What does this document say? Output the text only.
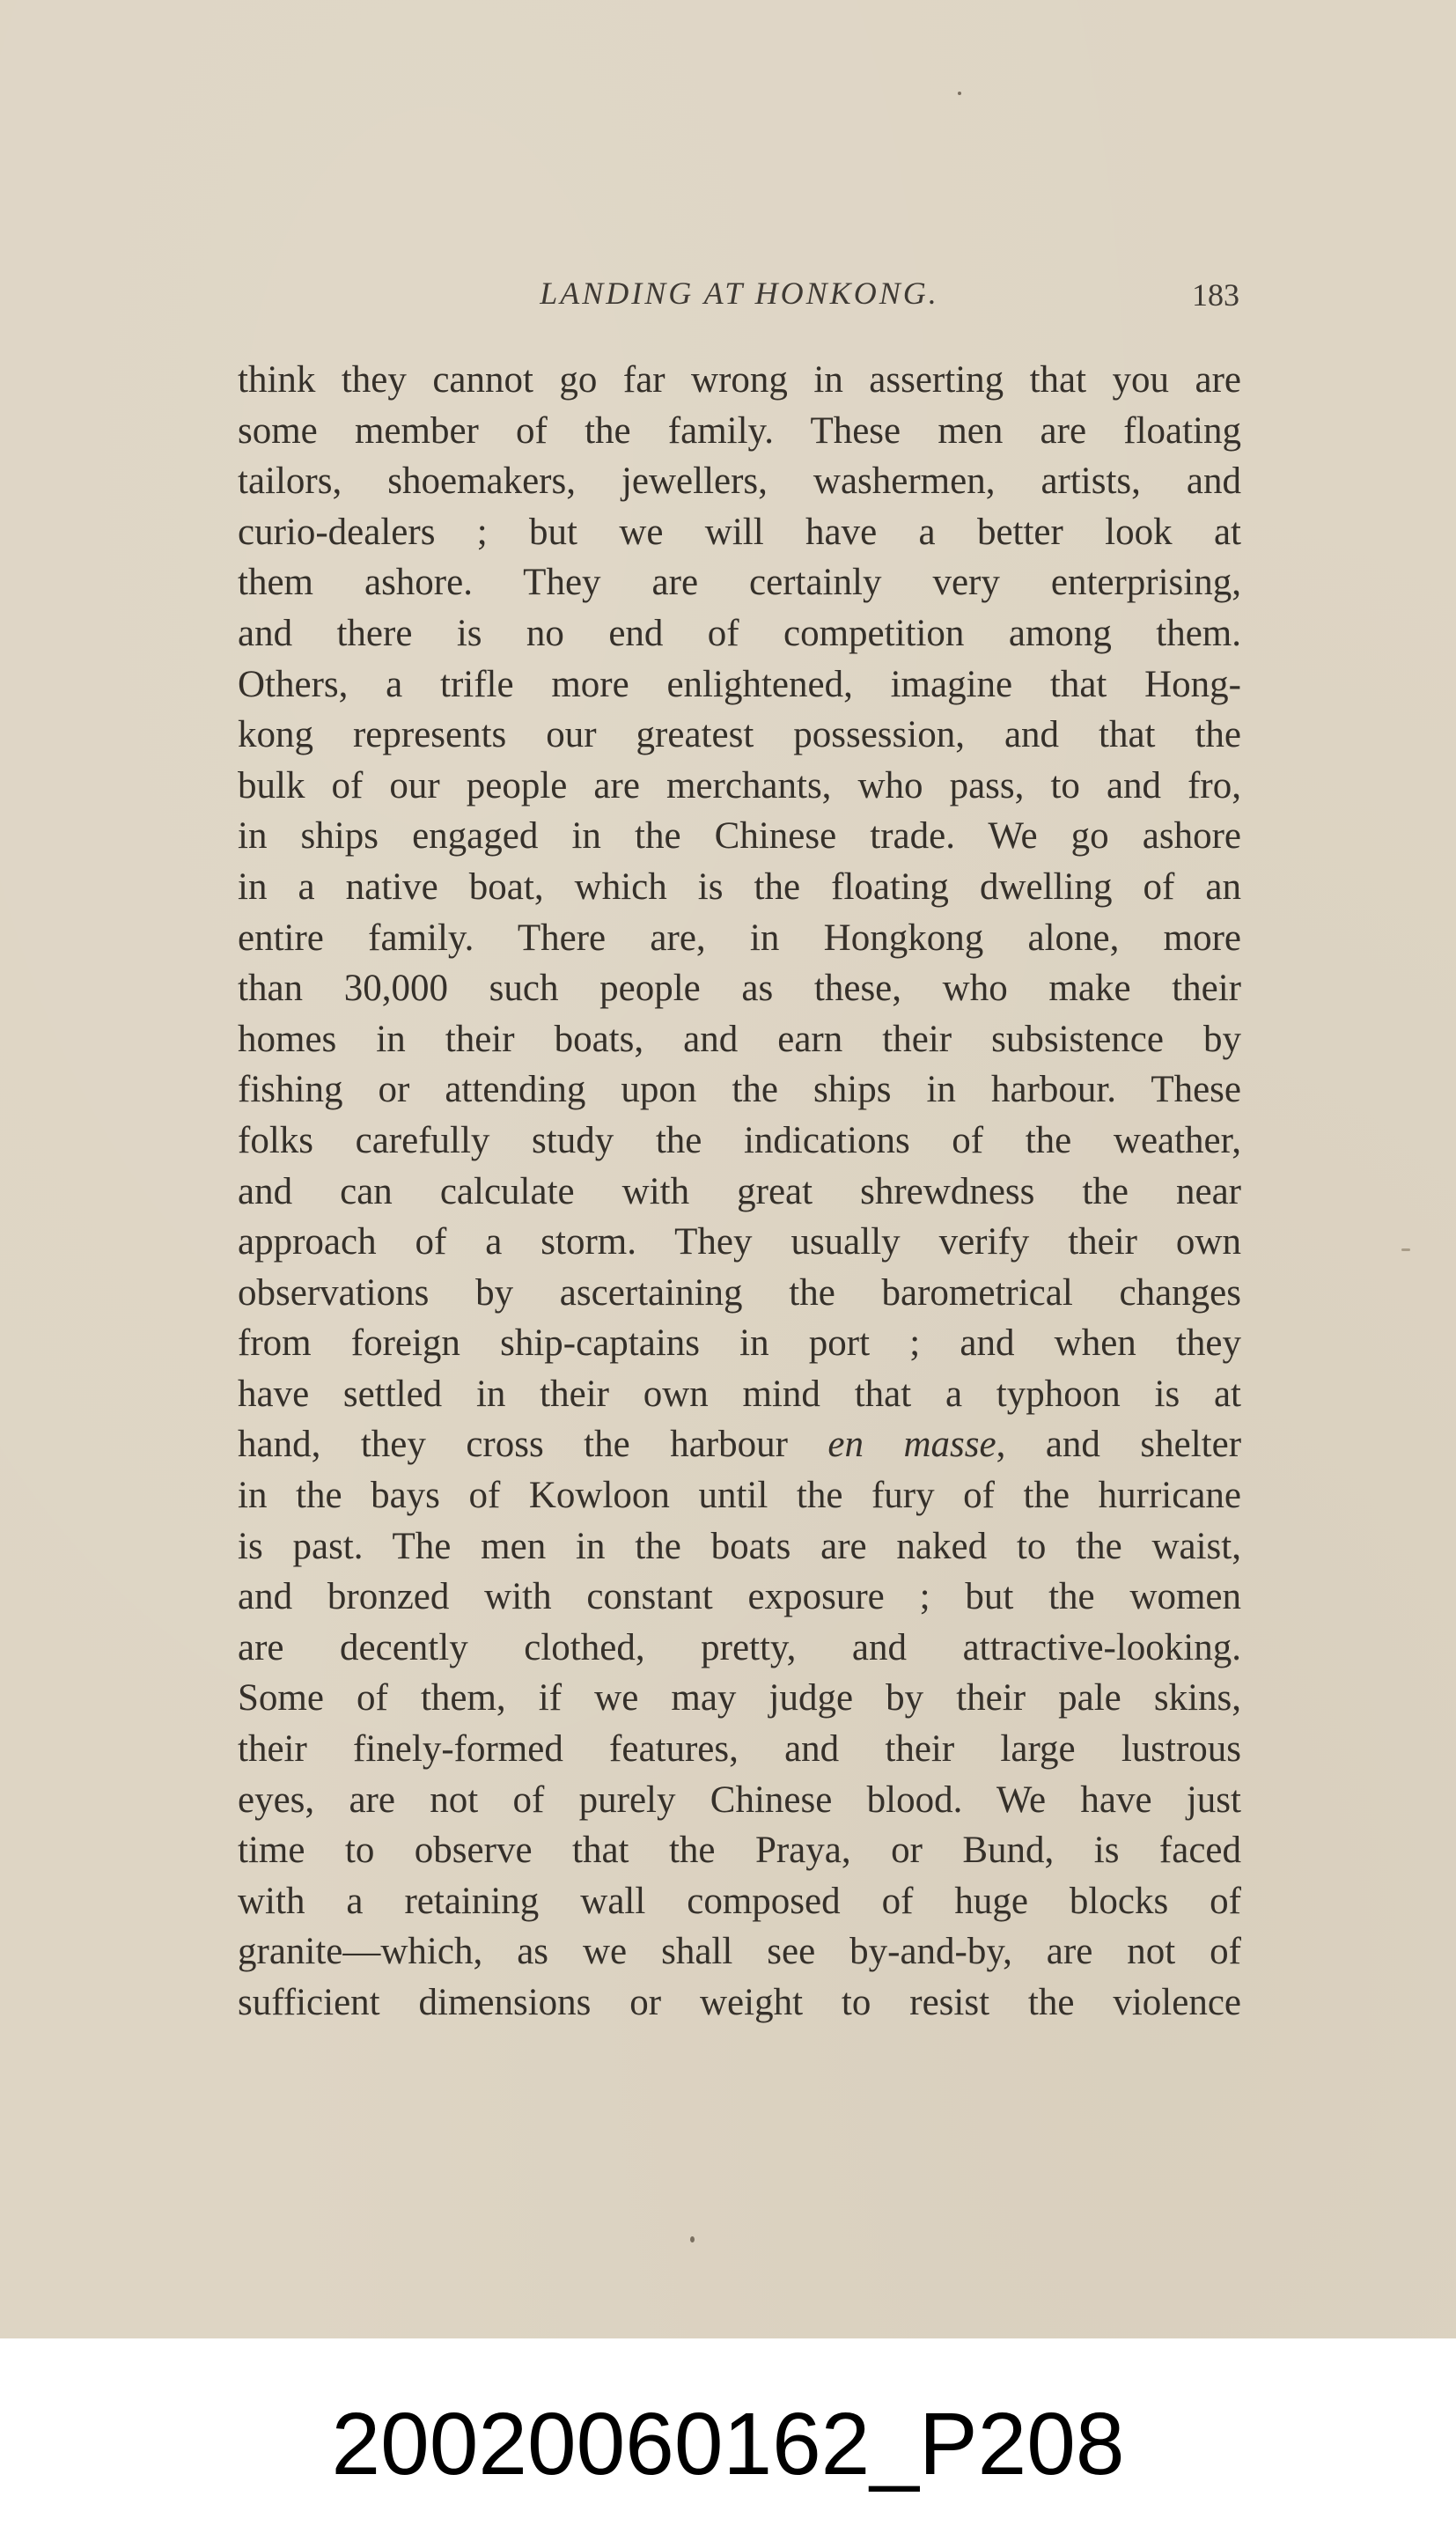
LANDING AT HONKONG.	183
think they cannot go far wrong in asserting that you are
some member of the family. These men are floating
tailors, shoemakers, jewellers, washermen, artists, and
curio-dealers ; but we will have a better look at
them ashore. They are certainly very enterprising,
and there is no end of competition among them.
Others, a trifle more enlightened, imagine that Hong-
kong represents our greatest possession, and that the
bulk of our people are merchants, who pass, to and fro,
in ships engaged in the Chinese trade. We go ashore
in a native boat, which is the floating dwelling of an
entire family. There are, in Hongkong alone, more
than 30,000 such people as these, who make their
homes in their boats, and earn their subsistence by
fishing or attending upon the ships in harbour. These
folks carefully study the indications of the weather,
and can calculate with great shrewdness the near
approach of a storm. They usually verify their own
observations by ascertaining the barometrical changes
from foreign ship-captains in port ; and when they
have settled in their own mind that a typhoon is at
hand, they cross the harbour en masse, and shelter
in the bays of Kowloon until the fury of the hurricane
is past. The men in the boats are naked to the waist,
and bronzed with constant exposure ; but the women
are decently clothed, pretty, and attractive-looking.
Some of them, if we may judge by their pale skins,
their finely-formed features, and their large lustrous
eyes, are not of purely Chinese blood. We have just
time to observe that the Praya, or Bund, is faced
with a retaining wall composed of huge blocks of
granite—which, as we shall see by-and-by, are not of
sufficient dimensions or weight to resist the violence
20020060162_P208
